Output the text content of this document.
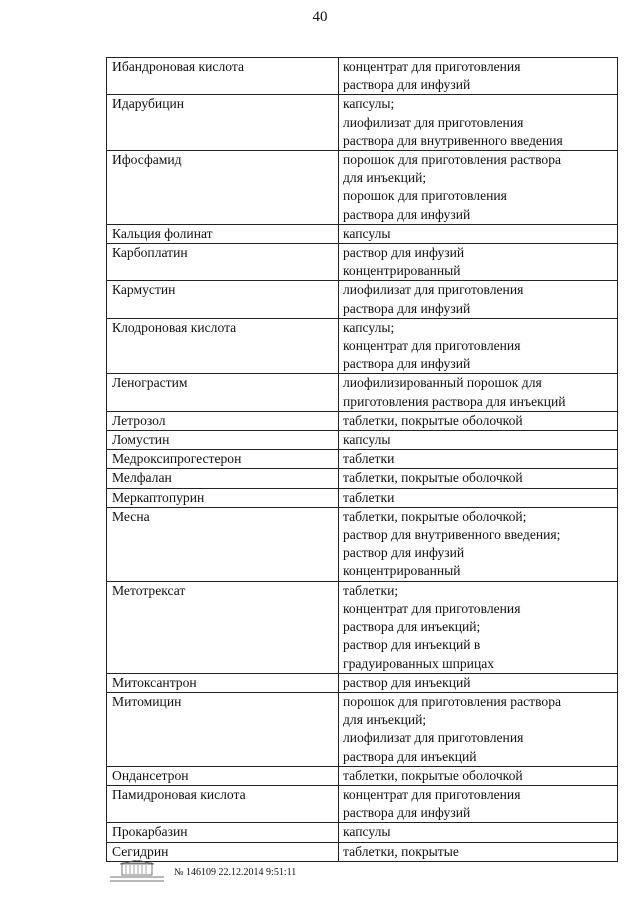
40
Ибандроновая кислота	концентрат для приготовления
раствора для инфузий

Идарубицин	капсулы;
лиофилизат для приготовления
раствора для внутривенного введения

Ифосфамид	порошок для приготовления раствора
для инъекций;
порошок для приготовления
раствора для инфузий

Кальция фолинат	капсулы

Карбоплатин	раствор для инфузий
концентрированный

Кармустин	лиофилизат для приготовления
раствора для инфузий

Клодроновая кислота	капсулы;
концентрат для приготовления
раствора для инфузий

Ленограстим	лиофилизированный порошок для
приготовления раствора для инъекций

Летрозол	таблетки, покрытые оболочкой

Ломустин	капсулы

Медроксипрогестерон	таблетки

Мелфалан	таблетки, покрытые оболочкой

Меркаптопурин	таблетки

Месна	таблетки, покрытые оболочкой;
раствор для внутривенного введения;
раствор для инфузий
концентрированный

Метотрексат	таблетки;
концентрат для приготовления
раствора для инъекций;
раствор для инъекций в
градуированных шприцах

Митоксантрон	раствор для инъекций

Митомицин	порошок для приготовления раствора
для инъекций;
лиофилизат для приготовления
раствора для инъекций

Ондансетрон	таблетки, покрытые оболочкой

Памидроновая кислота	концентрат для приготовления
раствора для инфузий

Прокарбазин	капсулы

Сегидрин	таблетки, покрытые
№ 146109 22.12.2014 9:51:11
